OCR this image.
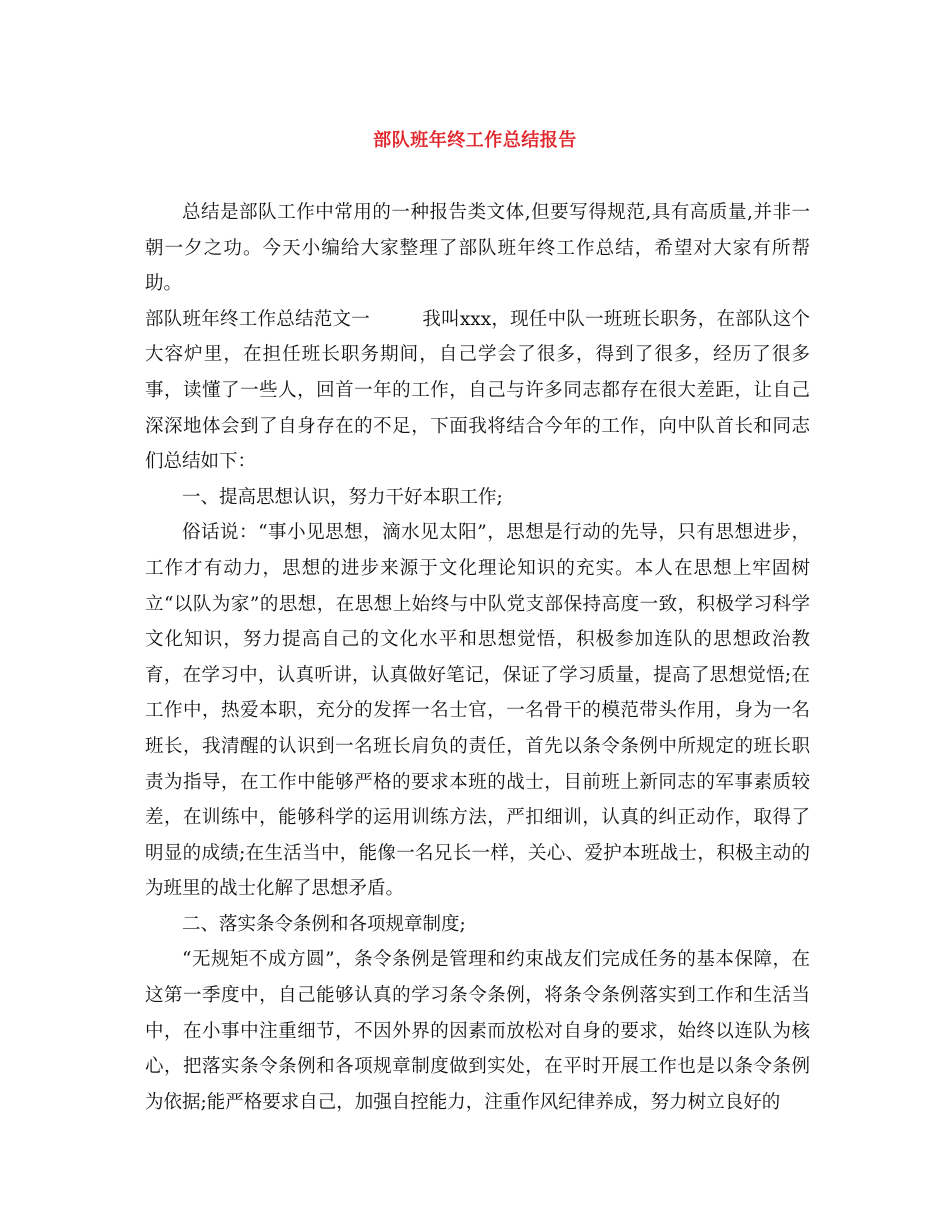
部队班年终工作总结报告

总结是部队工作中常用的一种报告类文体,但要写得规范,具有高质量,并非一朝一夕之功。今天小编给大家整理了部队班年终工作总结，希望对大家有所帮助。

部队班年终工作总结范文一	我叫xxx，现任中队一班班长职务，在部队这个大容炉里，在担任班长职务期间，自己学会了很多，得到了很多，经历了很多事，读懂了一些人，回首一年的工作，自己与许多同志都存在很大差距，让自己深深地体会到了自身存在的不足，下面我将结合今年的工作，向中队首长和同志们总结如下：

一、提高思想认识，努力干好本职工作;

俗话说：“事小见思想，滴水见太阳”，思想是行动的先导，只有思想进步，工作才有动力，思想的进步来源于文化理论知识的充实。本人在思想上牢固树立“以队为家”的思想，在思想上始终与中队党支部保持高度一致，积极学习科学文化知识，努力提高自己的文化水平和思想觉悟，积极参加连队的思想政治教育，在学习中，认真听讲，认真做好笔记，保证了学习质量，提高了思想觉悟;在工作中，热爱本职，充分的发挥一名士官，一名骨干的模范带头作用，身为一名班长，我清醒的认识到一名班长肩负的责任，首先以条令条例中所规定的班长职责为指导，在工作中能够严格的要求本班的战士，目前班上新同志的军事素质较差，在训练中，能够科学的运用训练方法，严扣细训，认真的纠正动作，取得了明显的成绩;在生活当中，能像一名兄长一样，关心、爱护本班战士，积极主动的为班里的战士化解了思想矛盾。

二、落实条令条例和各项规章制度;

“无规矩不成方圆”，条令条例是管理和约束战友们完成任务的基本保障，在这第一季度中，自己能够认真的学习条令条例，将条令条例落实到工作和生活当中，在小事中注重细节，不因外界的因素而放松对自身的要求，始终以连队为核心，把落实条令条例和各项规章制度做到实处，在平时开展工作也是以条令条例为依据;能严格要求自己，加强自控能力，注重作风纪律养成，努力树立良好的
